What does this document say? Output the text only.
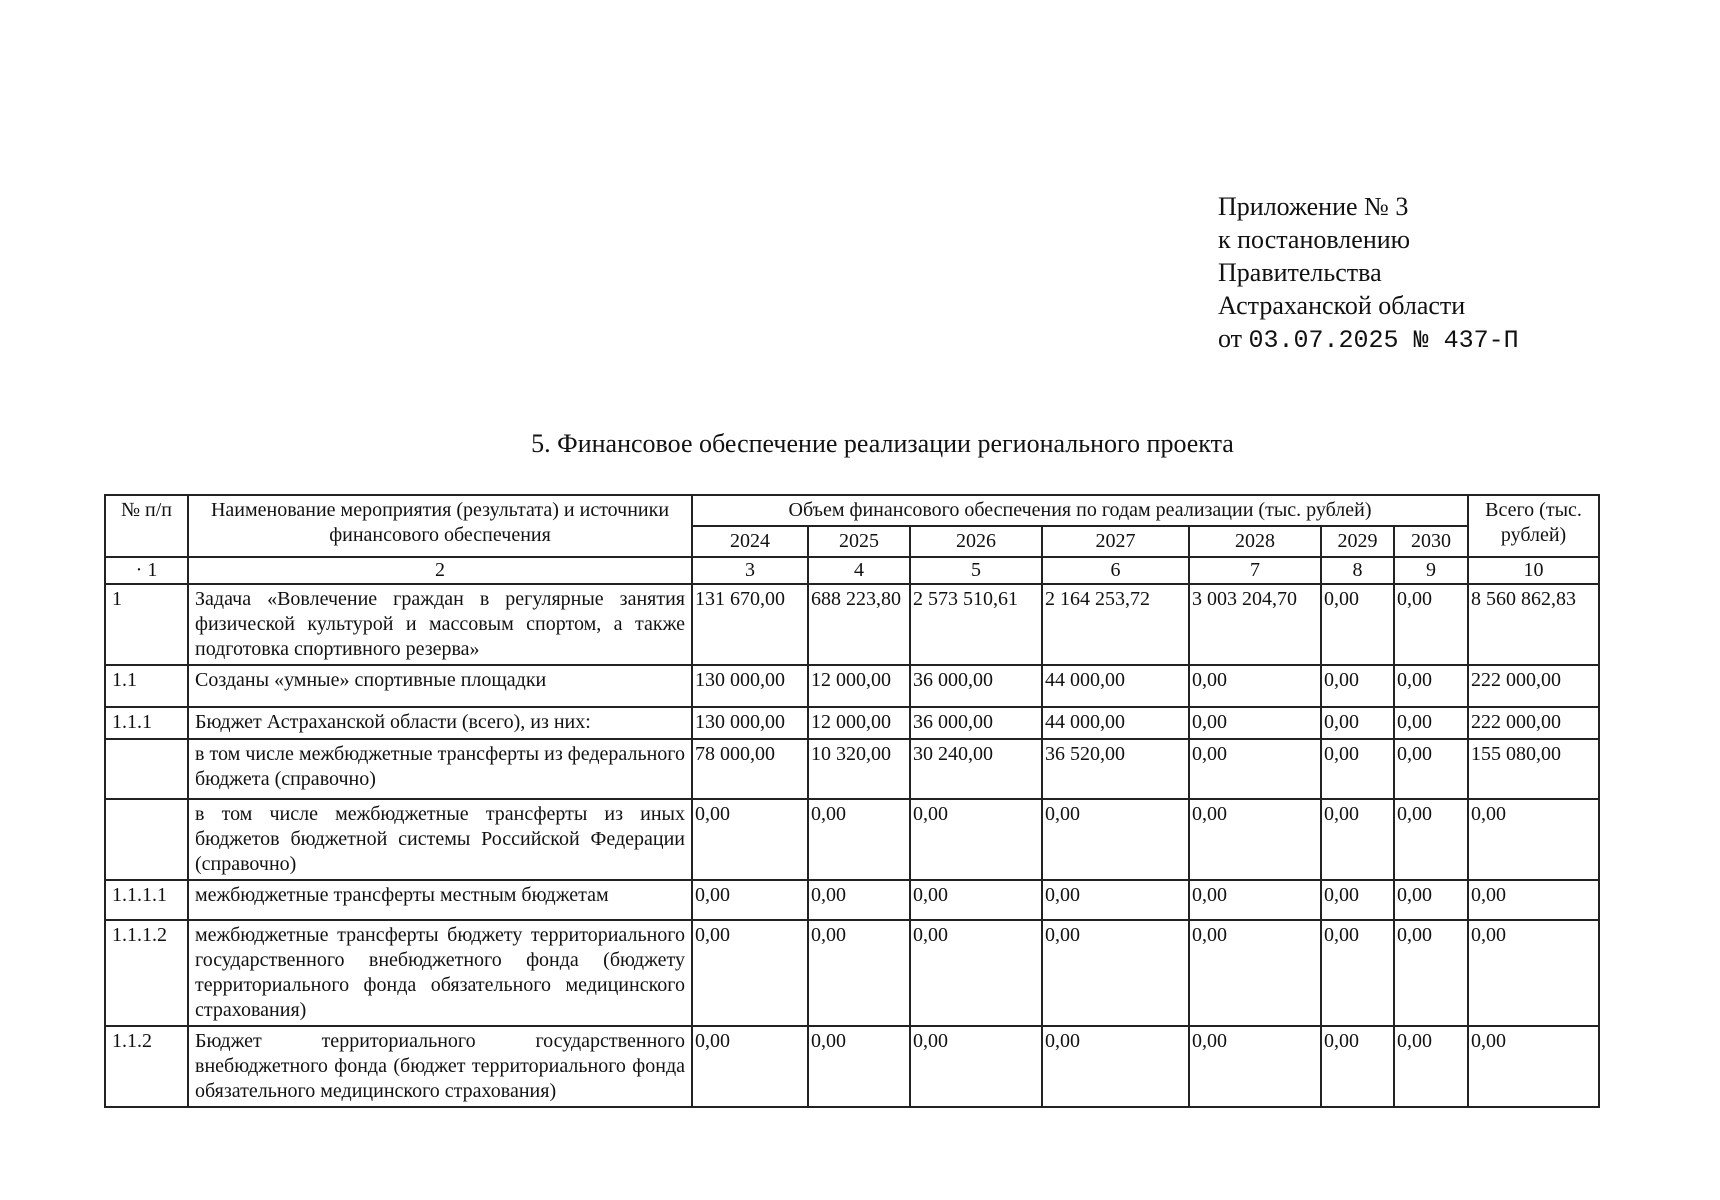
Приложение № 3
к постановлению
Правительства
Астраханской области
от 03.07.2025 № 437-П
5. Финансовое обеспечение реализации регионального проекта
№ п/п	Наименование мероприятия (результата) и источники финансового обеспечения	Объем финансового обеспечения по годам реализации (тыс. рублей)							Всего (тыс. рублей)
		2024	2025	2026	2027	2028	2029	2030	
· 1	2	3	4	5	6	7	8	9	10
1	Задача «Вовлечение граждан в регулярные занятия физической культурой и массовым спортом, а также подготовка спортивного резерва»	131 670,00	688 223,80	2 573 510,61	2 164 253,72	3 003 204,70	0,00	0,00	8 560 862,83
1.1	Созданы «умные» спортивные площадки	130 000,00	12 000,00	36 000,00	44 000,00	0,00	0,00	0,00	222 000,00
1.1.1	Бюджет Астраханской области (всего), из них:	130 000,00	12 000,00	36 000,00	44 000,00	0,00	0,00	0,00	222 000,00
	в том числе межбюджетные трансферты из федерального бюджета (справочно)	78 000,00	10 320,00	30 240,00	36 520,00	0,00	0,00	0,00	155 080,00
	в том числе межбюджетные трансферты из иных бюджетов бюджетной системы Российской Федерации (справочно)	0,00	0,00	0,00	0,00	0,00	0,00	0,00	0,00
1.1.1.1	межбюджетные трансферты местным бюджетам	0,00	0,00	0,00	0,00	0,00	0,00	0,00	0,00
1.1.1.2	межбюджетные трансферты бюджету территориального государственного внебюджетного фонда (бюджету территориального фонда обязательного медицинского страхования)	0,00	0,00	0,00	0,00	0,00	0,00	0,00	0,00
1.1.2	Бюджет территориального государственного внебюджетного фонда (бюджет территориального фонда обязательного медицинского страхования)	0,00	0,00	0,00	0,00	0,00	0,00	0,00	0,00
